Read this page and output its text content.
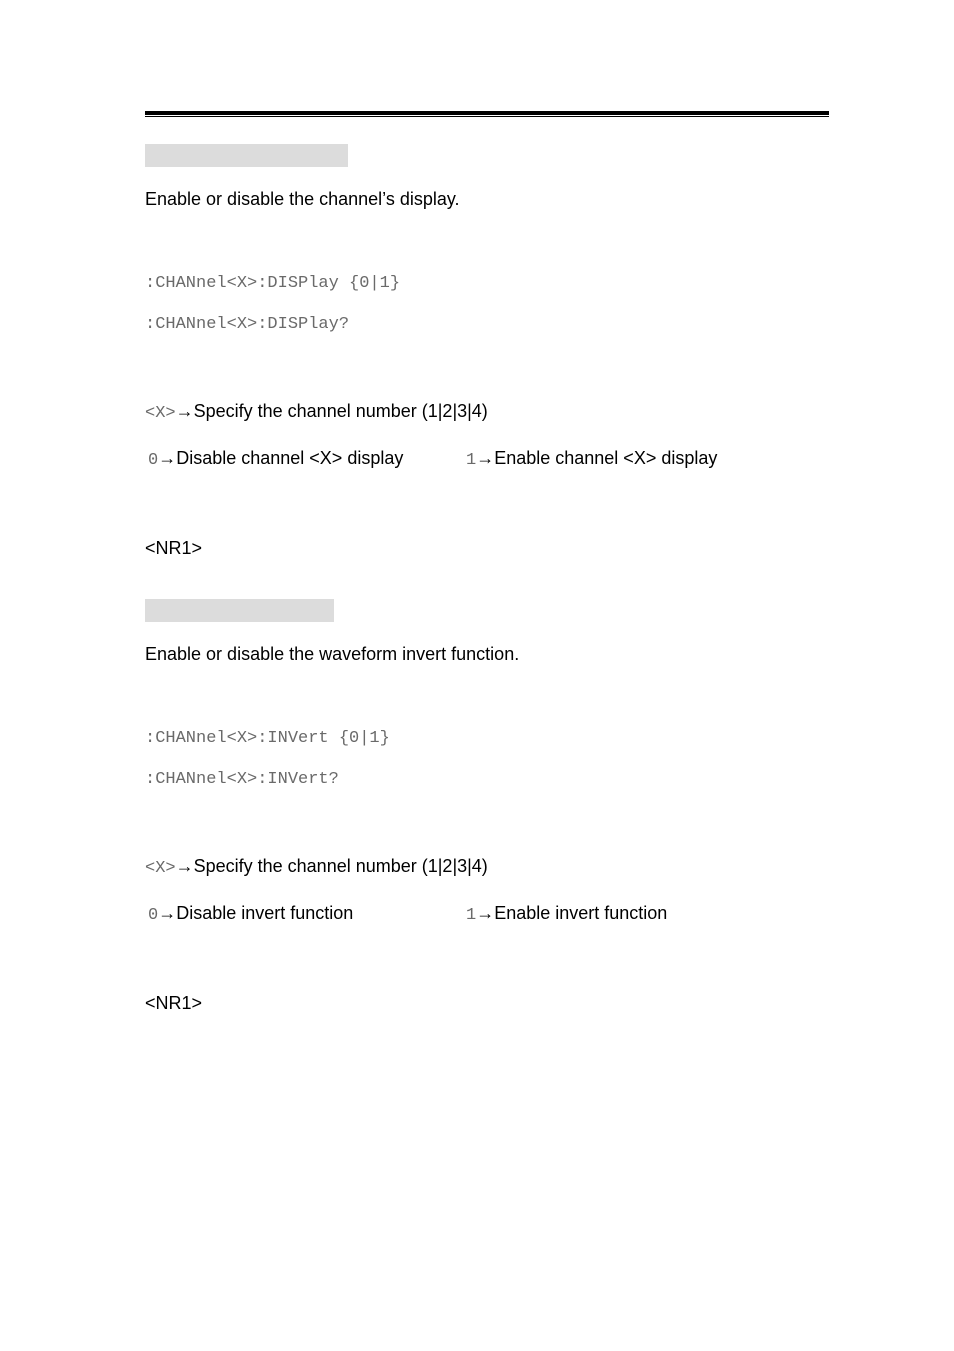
Enable or disable the channel’s display.
:CHANnel<X>:DISPlay {0|1}
:CHANnel<X>:DISPlay?
<X>→Specify the channel number (1|2|3|4)
0→Disable channel <X> display	1→Enable channel <X> display
<NR1>
Enable or disable the waveform invert function.
:CHANnel<X>:INVert {0|1}
:CHANnel<X>:INVert?
<X>→Specify the channel number (1|2|3|4)
0→Disable invert function	1→Enable invert function
<NR1>
